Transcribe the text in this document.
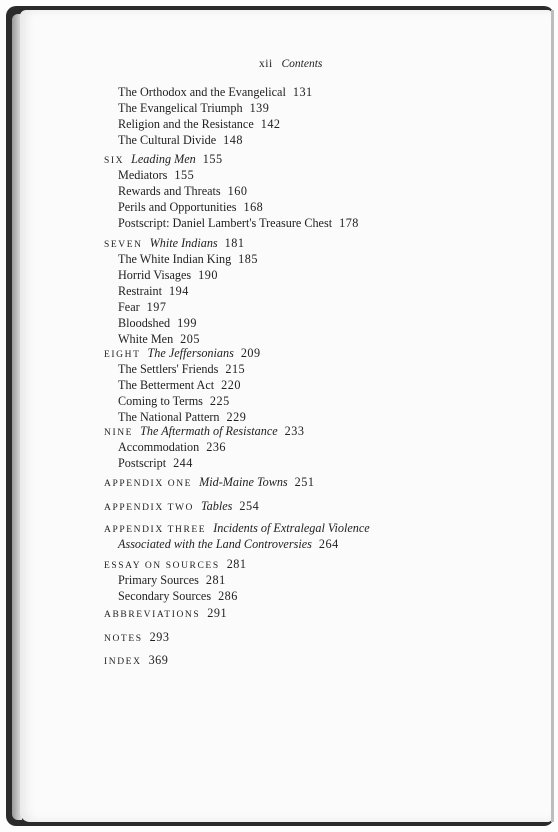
xii Contents
The Orthodox and the Evangelical 131
The Evangelical Triumph 139
Religion and the Resistance 142
The Cultural Divide 148
SIX Leading Men 155
Mediators 155
Rewards and Threats 160
Perils and Opportunities 168
Postscript: Daniel Lambert's Treasure Chest 178
SEVEN White Indians 181
The White Indian King 185
Horrid Visages 190
Restraint 194
Fear 197
Bloodshed 199
White Men 205
EIGHT The Jeffersonians 209
The Settlers' Friends 215
The Betterment Act 220
Coming to Terms 225
The National Pattern 229
NINE The Aftermath of Resistance 233
Accommodation 236
Postscript 244
APPENDIX ONE Mid-Maine Towns 251
APPENDIX TWO Tables 254
APPENDIX THREE Incidents of Extralegal Violence
Associated with the Land Controversies 264
ESSAY ON SOURCES 281
Primary Sources 281
Secondary Sources 286
ABBREVIATIONS 291
NOTES 293
INDEX 369
